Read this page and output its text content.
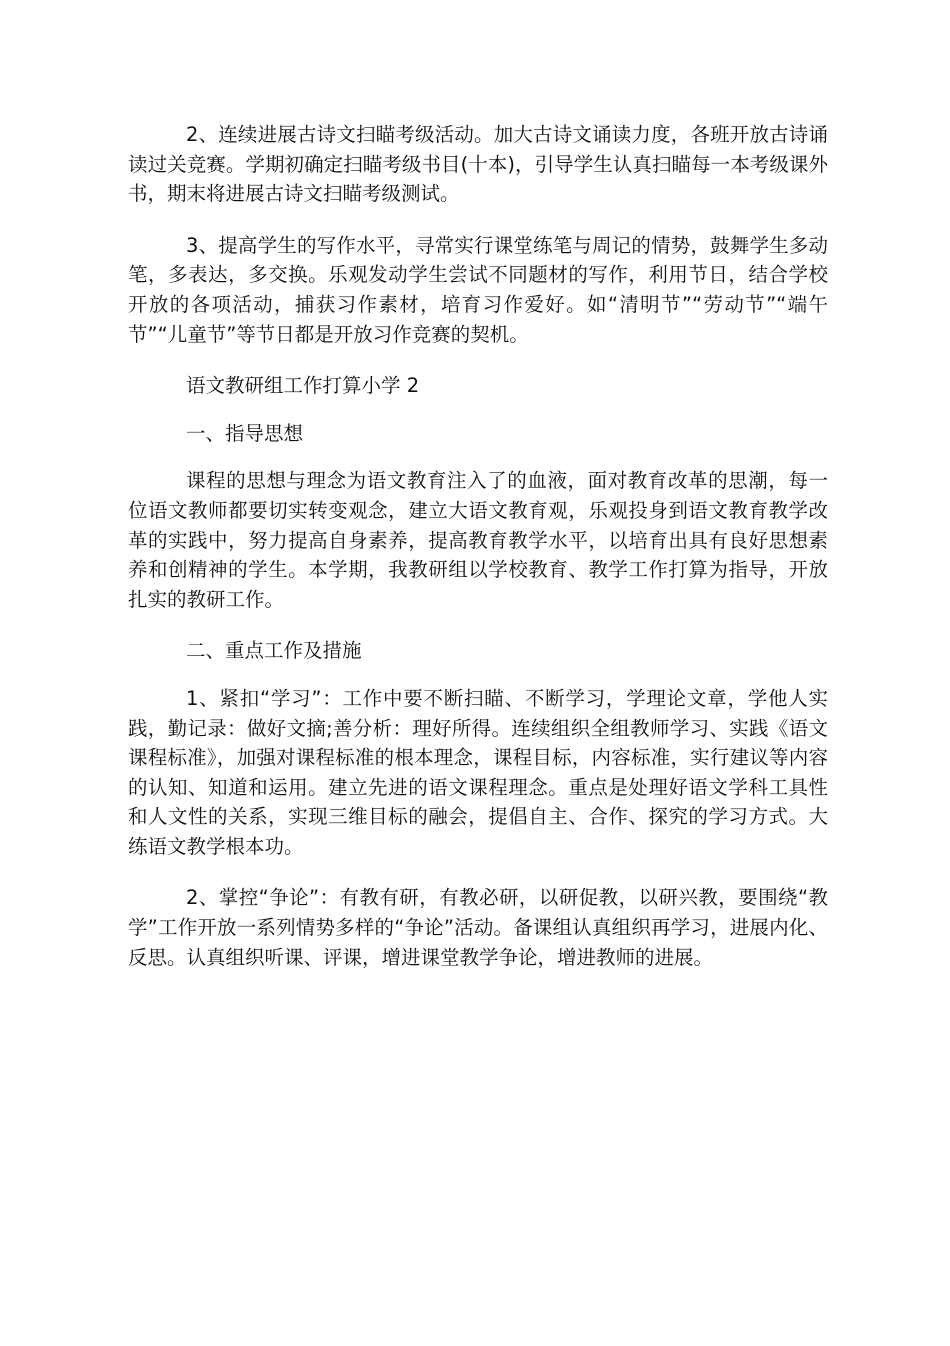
2、连续进展古诗文扫瞄考级活动。加大古诗文诵读力度，各班开放古诗诵读过关竞赛。学期初确定扫瞄考级书目(十本)，引导学生认真扫瞄每一本考级课外书，期末将进展古诗文扫瞄考级测试。

3、提高学生的写作水平，寻常实行课堂练笔与周记的情势，鼓舞学生多动笔，多表达，多交换。乐观发动学生尝试不同题材的写作，利用节日，结合学校开放的各项活动，捕获习作素材，培育习作爱好。如“清明节”“劳动节”“端午节”“儿童节”等节日都是开放习作竞赛的契机。

语文教研组工作打算小学 2

一、指导思想

课程的思想与理念为语文教育注入了的血液，面对教育改革的思潮，每一位语文教师都要切实转变观念，建立大语文教育观，乐观投身到语文教育教学改革的实践中，努力提高自身素养，提高教育教学水平，以培育出具有良好思想素养和创精神的学生。本学期，我教研组以学校教育、教学工作打算为指导，开放扎实的教研工作。

二、重点工作及措施

1、紧扣“学习”：工作中要不断扫瞄、不断学习，学理论文章，学他人实践，勤记录：做好文摘;善分析：理好所得。连续组织全组教师学习、实践《语文课程标准》，加强对课程标准的根本理念，课程目标，内容标准，实行建议等内容的认知、知道和运用。建立先进的语文课程理念。重点是处理好语文学科工具性和人文性的关系，实现三维目标的融会，提倡自主、合作、探究的学习方式。大练语文教学根本功。

2、掌控“争论”：有教有研，有教必研，以研促教，以研兴教，要围绕“教学”工作开放一系列情势多样的“争论”活动。备课组认真组织再学习，进展内化、反思。认真组织听课、评课，增进课堂教学争论，增进教师的进展。
